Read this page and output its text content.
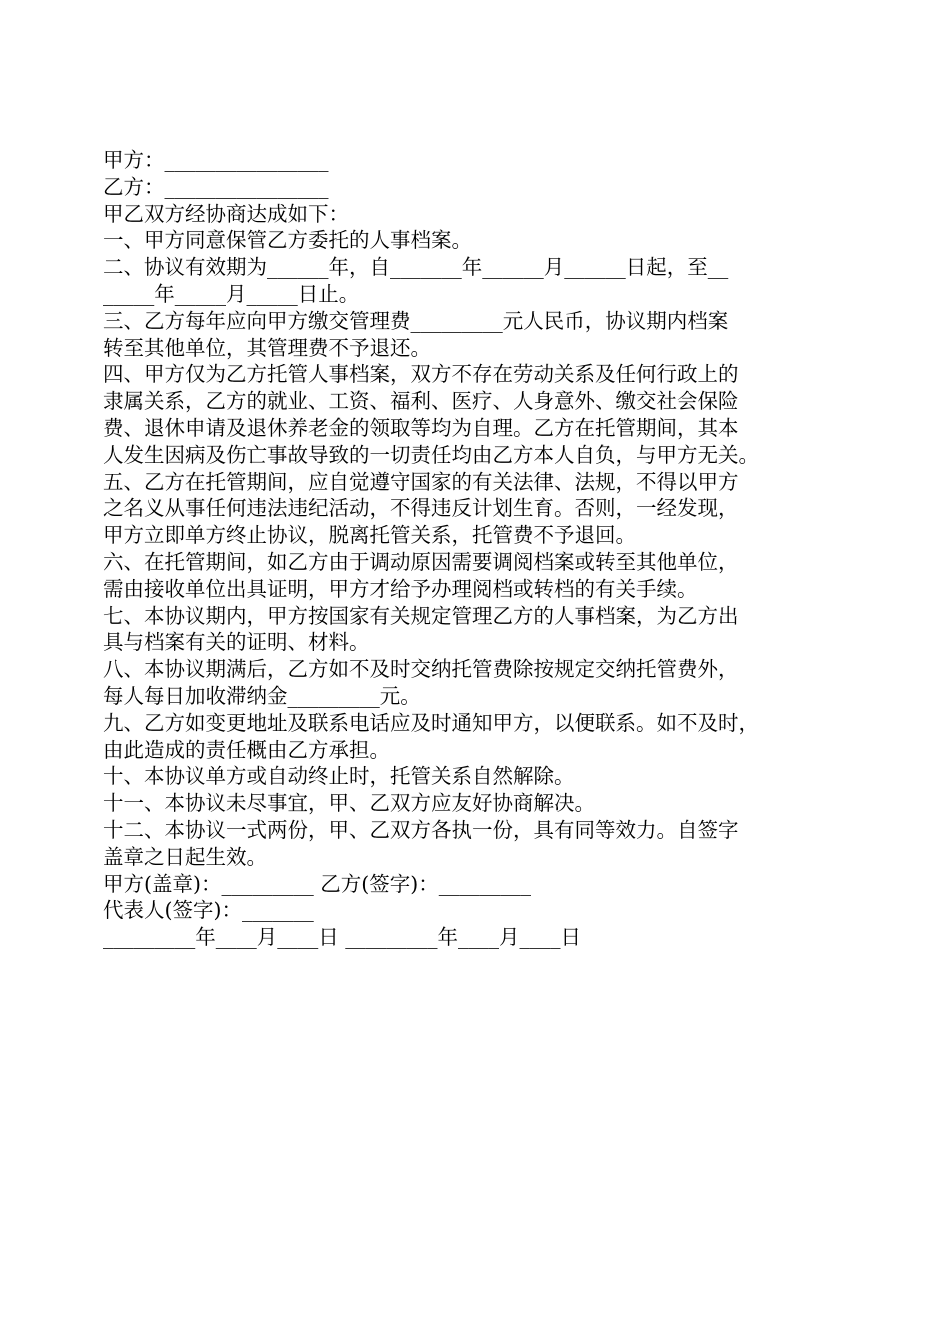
甲方：________________
乙方：________________
甲乙双方经协商达成如下：
一、甲方同意保管乙方委托的人事档案。
二、协议有效期为______年，自_______年______月______日起，至__
_____年_____月_____日止。
三、乙方每年应向甲方缴交管理费_________元人民币，协议期内档案
转至其他单位，其管理费不予退还。
四、甲方仅为乙方托管人事档案，双方不存在劳动关系及任何行政上的
隶属关系，乙方的就业、工资、福利、医疗、人身意外、缴交社会保险
费、退休申请及退休养老金的领取等均为自理。乙方在托管期间，其本
人发生因病及伤亡事故导致的一切责任均由乙方本人自负，与甲方无关。
五、乙方在托管期间，应自觉遵守国家的有关法律、法规，不得以甲方
之名义从事任何违法违纪活动，不得违反计划生育。否则，一经发现，
甲方立即单方终止协议，脱离托管关系，托管费不予退回。
六、在托管期间，如乙方由于调动原因需要调阅档案或转至其他单位，
需由接收单位出具证明，甲方才给予办理阅档或转档的有关手续。
七、本协议期内，甲方按国家有关规定管理乙方的人事档案，为乙方出
具与档案有关的证明、材料。
八、本协议期满后，乙方如不及时交纳托管费除按规定交纳托管费外，
每人每日加收滞纳金_________元。
九、乙方如变更地址及联系电话应及时通知甲方，以便联系。如不及时，
由此造成的责任概由乙方承担。
十、本协议单方或自动终止时，托管关系自然解除。
十一、本协议未尽事宜，甲、乙双方应友好协商解决。
十二、本协议一式两份，甲、乙双方各执一份，具有同等效力。自签字
盖章之日起生效。
甲方(盖章)：_________ 乙方(签字)：_________
代表人(签字)：_______
_________年____月____日 _________年____月____日
